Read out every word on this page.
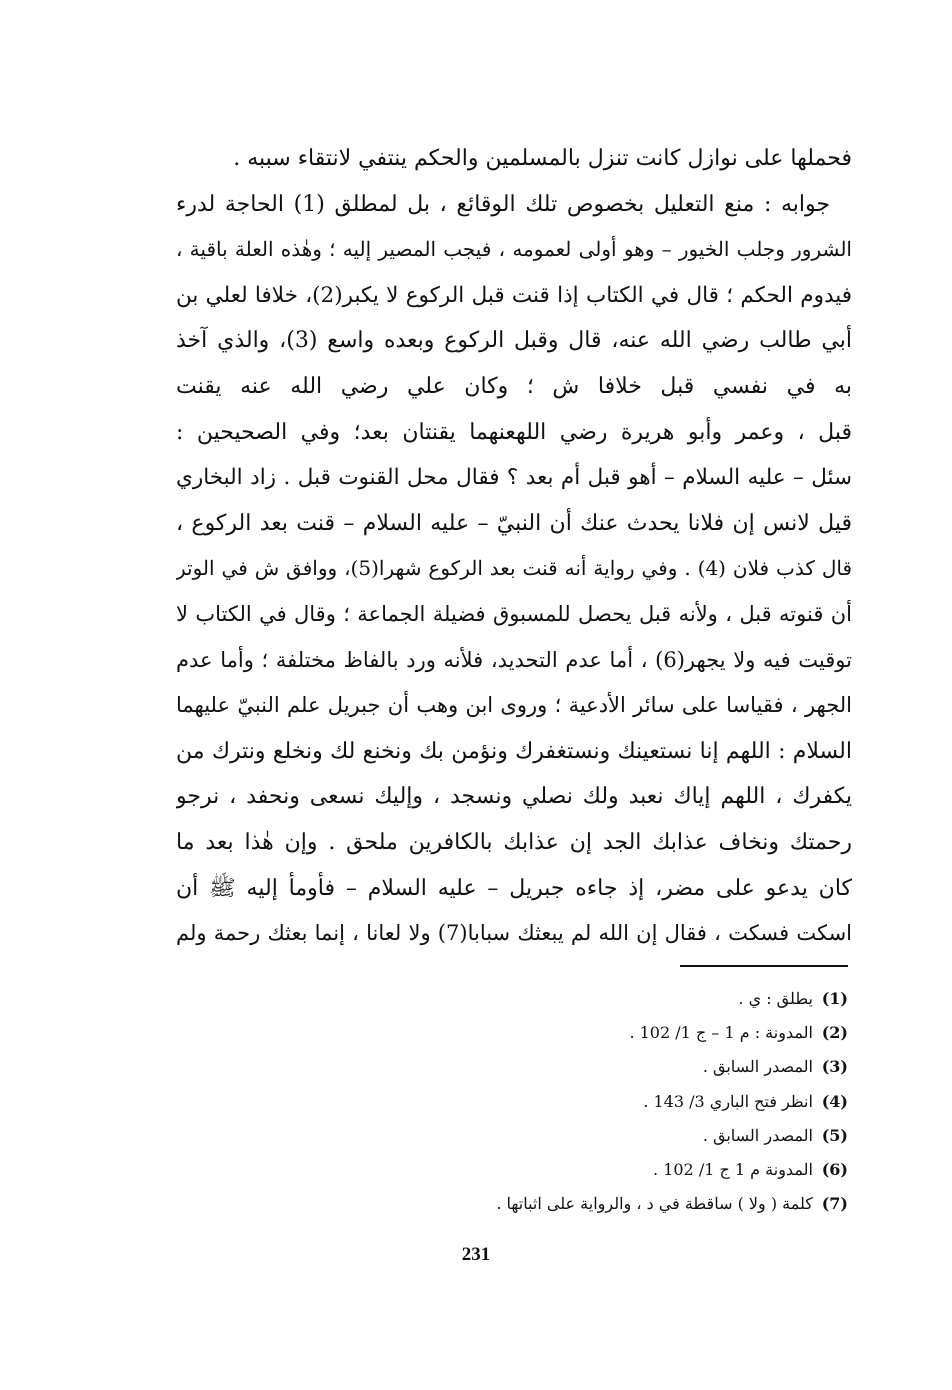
فحملها على نوازل كانت تنزل بالمسلمين والحكم ينتفي لانتقاء سببه .
جوابه : منع التعليل بخصوص تلك الوقائع ، بل لمطلق (1) الحاجة لدرء
الشرور وجلب الخيور – وهو أولى لعمومه ، فيجب المصير إليه ؛ وهٰذه العلة باقية ،
فيدوم الحكم ؛ قال في الكتاب إذا قنت قبل الركوع لا يكبر(2)، خلافا لعلي بن
أبي طالب رضي الله عنه، قال وقبل الركوع وبعده واسع (3)، والذي آخذ
به في نفسي قبل خلافا ش ؛ وكان علي رضي الله عنه يقنت
قبل ، وعمر وأبو هريرة رضي اللهعنهما يقنتان بعد؛ وفي الصحيحين :
سئل – عليه السلام – أهو قبل أم بعد ؟ فقال محل القنوت قبل . زاد البخاري
قيل لانس إن فلانا يحدث عنك أن النبيّ – عليه السلام – قنت بعد الركوع ،
قال كذب فلان (4) . وفي رواية أنه قنت بعد الركوع شهرا(5)، ووافق ش في الوتر
أن قنوته قبل ، ولأنه قبل يحصل للمسبوق فضيلة الجماعة ؛ وقال في الكتاب لا
توقيت فيه ولا يجهر(6) ، أما عدم التحديد، فلأنه ورد بالفاظ مختلفة ؛ وأما عدم
الجهر ، فقياسا على سائر الأدعية ؛ وروى ابن وهب أن جبريل علم النبيّ عليهما
السلام : اللهم إنا نستعينك ونستغفرك ونؤمن بك ونخنع لك ونخلع ونترك من
يكفرك ، اللهم إياك نعبد ولك نصلي ونسجد ، وإليك نسعى ونحفد ، نرجو
رحمتك ونخاف عذابك الجد إن عذابك بالكافرين ملحق . وإن هٰذا بعد ما
كان يدعو على مضر، إذ جاءه جبريل – عليه السلام – فأومأ إليه ﷺ أن
اسكت فسكت ، فقال إن الله لم يبعثك سبابا(7) ولا لعانا ، إنما بعثك رحمة ولم
(1) يطلق : ي .
(2) المدونة : م 1 – ج 1/ 102 .
(3) المصدر السابق .
(4) انظر فتح الباري 3/ 143 .
(5) المصدر السابق .
(6) المدونة م 1 ج 1/ 102 .
(7) كلمة ( ولا ) ساقطة في د ، والرواية على اثباتها .
231
